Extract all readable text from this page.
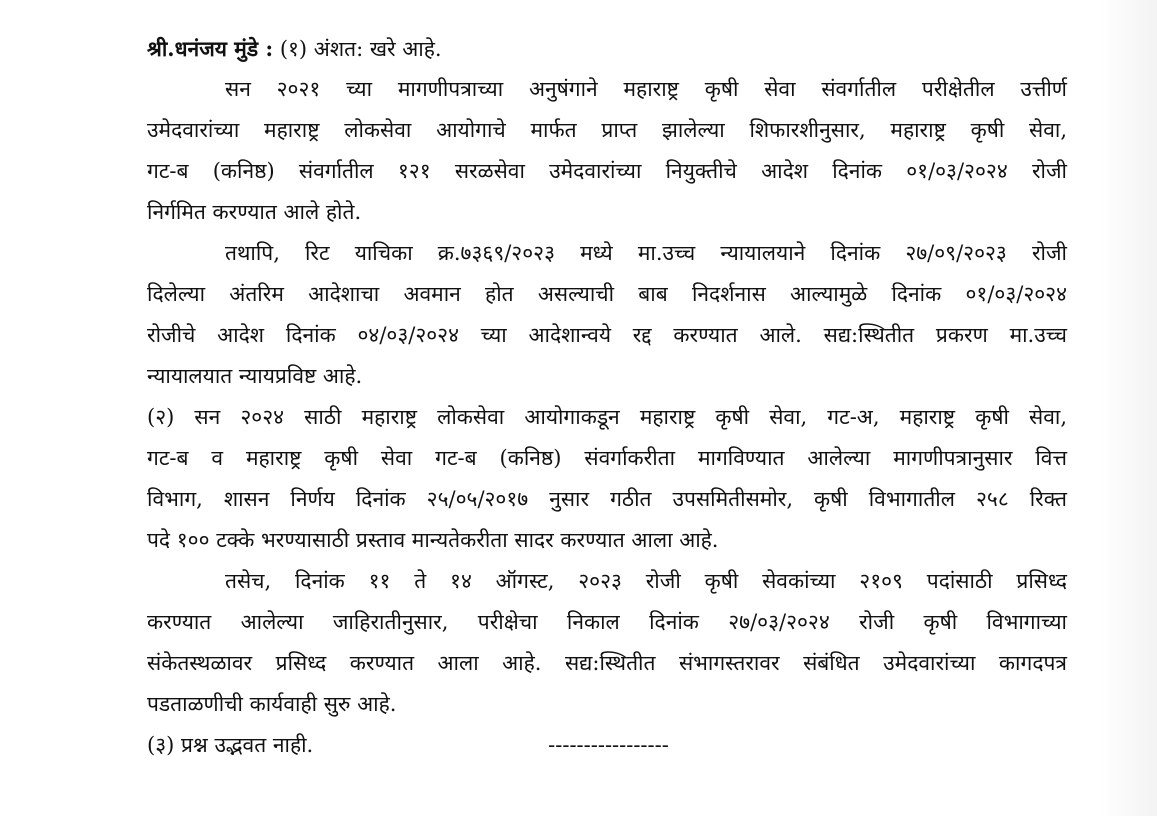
श्री.धनंजय मुंडे : (१) अंशत: खरे आहे.
सन २०२१ च्या मागणीपत्राच्या अनुषंगाने महाराष्ट्र कृषी सेवा संवर्गातील परीक्षेतील उत्तीर्ण
उमेदवारांच्या महाराष्ट्र लोकसेवा आयोगाचे मार्फत प्राप्त झालेल्या शिफारशीनुसार, महाराष्ट्र कृषी सेवा,
गट-ब (कनिष्ठ) संवर्गातील १२१ सरळसेवा उमेदवारांच्या नियुक्तीचे आदेश दिनांक ०१/०३/२०२४ रोजी
निर्गमित करण्यात आले होते.
तथापि, रिट याचिका क्र.७३६९/२०२३ मध्ये मा.उच्च न्यायालयाने दिनांक २७/०९/२०२३ रोजी
दिलेल्या अंतरिम आदेशाचा अवमान होत असल्याची बाब निदर्शनास आल्यामुळे दिनांक ०१/०३/२०२४
रोजीचे आदेश दिनांक ०४/०३/२०२४ च्या आदेशान्वये रद्द करण्यात आले. सद्य:स्थितीत प्रकरण मा.उच्च
न्यायालयात न्यायप्रविष्ट आहे.
(२) सन २०२४ साठी महाराष्ट्र लोकसेवा आयोगाकडून महाराष्ट्र कृषी सेवा, गट-अ, महाराष्ट्र कृषी सेवा,
गट-ब व महाराष्ट्र कृषी सेवा गट-ब (कनिष्ठ) संवर्गाकरीता मागविण्यात आलेल्या मागणीपत्रानुसार वित्त
विभाग, शासन निर्णय दिनांक २५/०५/२०१७ नुसार गठीत उपसमितीसमोर, कृषी विभागातील २५८ रिक्त
पदे १०० टक्के भरण्यासाठी प्रस्ताव मान्यतेकरीता सादर करण्यात आला आहे.
तसेच, दिनांक ११ ते १४ ऑगस्ट, २०२३ रोजी कृषी सेवकांच्या २१०९ पदांसाठी प्रसिध्द
करण्यात आलेल्या जाहिरातीनुसार, परीक्षेचा निकाल दिनांक २७/०३/२०२४ रोजी कृषी विभागाच्या
संकेतस्थळावर प्रसिध्द करण्यात आला आहे. सद्य:स्थितीत संभागस्तरावर संबंधित उमेदवारांच्या कागदपत्र
पडताळणीची कार्यवाही सुरु आहे.
(३) प्रश्न उद्भवत नाही.	-----------------
